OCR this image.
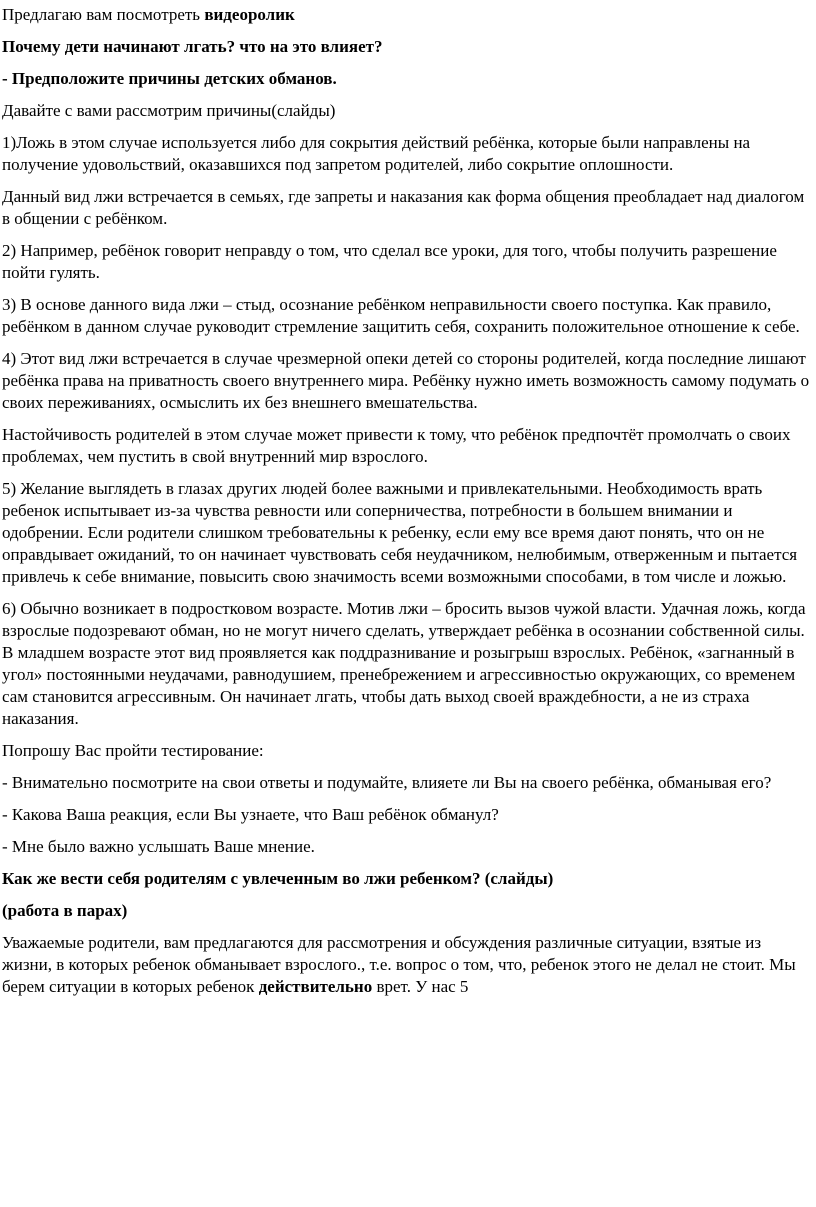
Предлагаю вам посмотреть видеоролик

Почему дети начинают лгать? что на это влияет?

- Предположите причины детских обманов.

Давайте с вами рассмотрим причины(слайды)

1)Ложь в этом случае используется либо для сокрытия действий ребёнка, которые были направлены на получение удовольствий, оказавшихся под запретом родителей, либо сокрытие оплошности.

Данный вид лжи встречается в семьях, где запреты и наказания как форма общения преобладает над диалогом в общении с ребёнком.

2) Например, ребёнок говорит неправду о том, что сделал все уроки, для того, чтобы получить разрешение пойти гулять.

3) В основе данного вида лжи – стыд, осознание ребёнком неправильности своего поступка. Как правило, ребёнком в данном случае руководит стремление защитить себя, сохранить положительное отношение к себе.

4) Этот вид лжи встречается в случае чрезмерной опеки детей со стороны родителей, когда последние лишают ребёнка права на приватность своего внутреннего мира. Ребёнку нужно иметь возможность самому подумать о своих переживаниях, осмыслить их без внешнего вмешательства.

Настойчивость родителей в этом случае может привести к тому, что ребёнок предпочтёт промолчать о своих проблемах, чем пустить в свой внутренний мир взрослого.

5) Желание выглядеть в глазах других людей более важными и привлекательными. Необходимость врать ребенок испытывает из-за чувства ревности или соперничества, потребности в большем внимании и одобрении. Если родители слишком требовательны к ребенку, если ему все время дают понять, что он не оправдывает ожиданий, то он начинает чувствовать себя неудачником, нелюбимым, отверженным и пытается привлечь к себе внимание, повысить свою значимость всеми возможными способами, в том числе и ложью.

6) Обычно возникает в подростковом возрасте. Мотив лжи – бросить вызов чужой власти. Удачная ложь, когда взрослые подозревают обман, но не могут ничего сделать, утверждает ребёнка в осознании собственной силы. В младшем возрасте этот вид проявляется как поддразнивание и розыгрыш взрослых. Ребёнок, «загнанный в угол» постоянными неудачами, равнодушием, пренебрежением и агрессивностью окружающих, со временем сам становится агрессивным. Он начинает лгать, чтобы дать выход своей враждебности, а не из страха наказания.

Попрошу Вас пройти тестирование:

- Внимательно посмотрите на свои ответы и подумайте, влияете ли Вы на своего ребёнка, обманывая его?

- Какова Ваша реакция, если Вы узнаете, что Ваш ребёнок обманул?

- Мне было важно услышать Ваше мнение.

Как же вести себя родителям с увлеченным во лжи ребенком? (слайды)

(работа в парах)

Уважаемые родители, вам предлагаются для рассмотрения и обсуждения различные ситуации, взятые из жизни, в которых ребенок обманывает взрослого., т.е. вопрос о том, что, ребенок этого не делал не стоит. Мы берем ситуации в которых ребенок действительно врет. У нас 5
